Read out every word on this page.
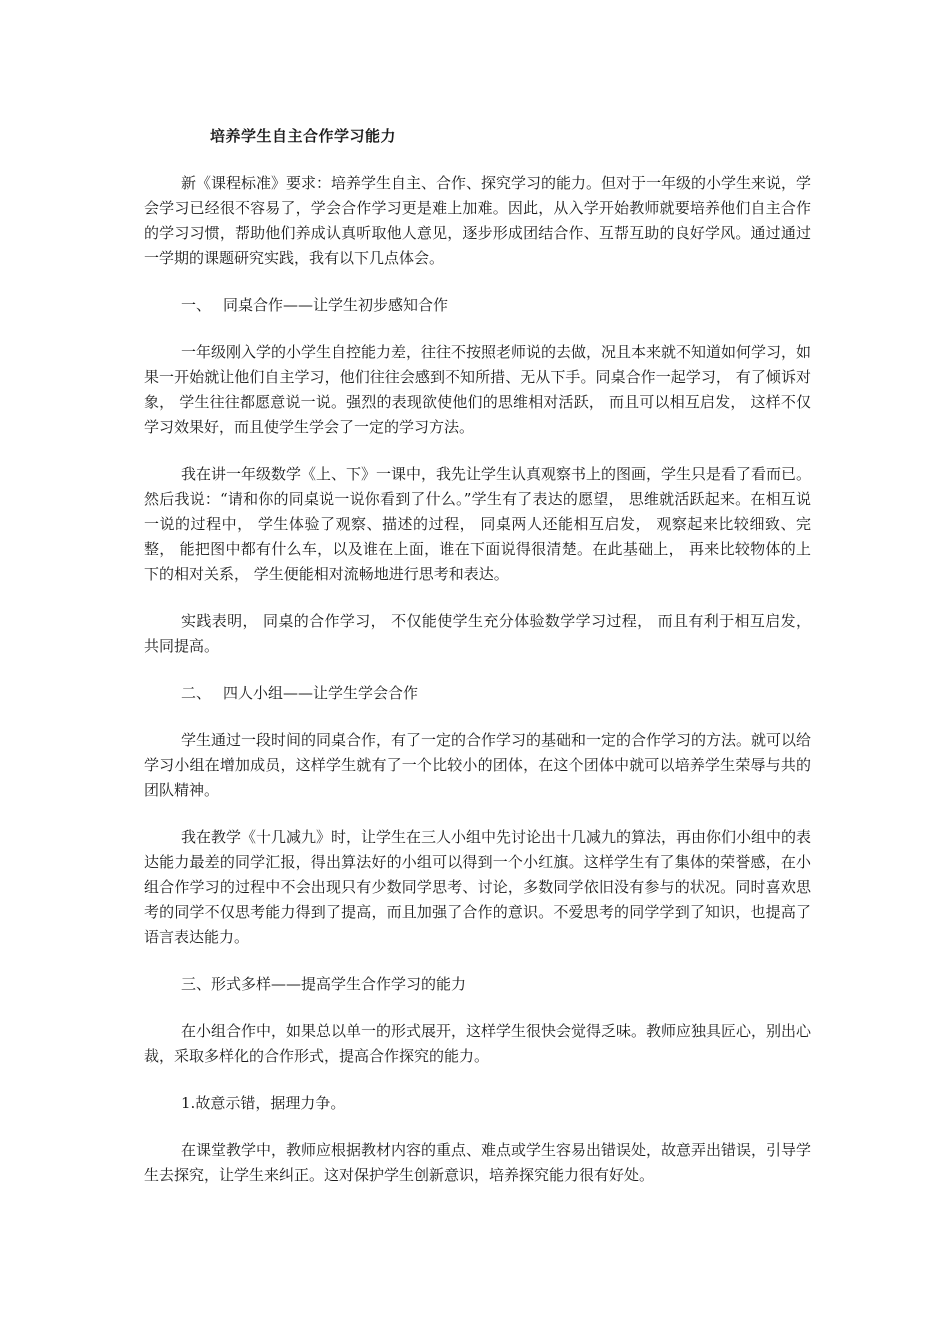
培养学生自主合作学习能力

新《课程标准》要求：培养学生自主、合作、探究学习的能力。但对于一年级的小学生来说，学会学习已经很不容易了，学会合作学习更是难上加难。因此，从入学开始教师就要培养他们自主合作的学习习惯，帮助他们养成认真听取他人意见，逐步形成团结合作、互帮互助的良好学风。通过通过一学期的课题研究实践，我有以下几点体会。

一、 同桌合作——让学生初步感知合作

一年级刚入学的小学生自控能力差，往往不按照老师说的去做，况且本来就不知道如何学习，如果一开始就让他们自主学习，他们往往会感到不知所措、无从下手。同桌合作一起学习， 有了倾诉对象， 学生往往都愿意说一说。强烈的表现欲使他们的思维相对活跃， 而且可以相互启发， 这样不仅学习效果好，而且使学生学会了一定的学习方法。

我在讲一年级数学《上、下》一课中，我先让学生认真观察书上的图画，学生只是看了看而已。然后我说：“请和你的同桌说一说你看到了什么。”学生有了表达的愿望， 思维就活跃起来。在相互说一说的过程中， 学生体验了观察、描述的过程， 同桌两人还能相互启发， 观察起来比较细致、完整， 能把图中都有什么车，以及谁在上面，谁在下面说得很清楚。在此基础上， 再来比较物体的上下的相对关系， 学生便能相对流畅地进行思考和表达。

实践表明， 同桌的合作学习， 不仅能使学生充分体验数学学习过程， 而且有利于相互启发， 共同提高。

二、 四人小组——让学生学会合作

学生通过一段时间的同桌合作，有了一定的合作学习的基础和一定的合作学习的方法。就可以给学习小组在增加成员，这样学生就有了一个比较小的团体，在这个团体中就可以培养学生荣辱与共的团队精神。

我在教学《十几减九》时，让学生在三人小组中先讨论出十几减九的算法，再由你们小组中的表达能力最差的同学汇报，得出算法好的小组可以得到一个小红旗。这样学生有了集体的荣誉感，在小组合作学习的过程中不会出现只有少数同学思考、讨论，多数同学依旧没有参与的状况。同时喜欢思考的同学不仅思考能力得到了提高，而且加强了合作的意识。不爱思考的同学学到了知识，也提高了语言表达能力。

三、形式多样——提高学生合作学习的能力

在小组合作中，如果总以单一的形式展开，这样学生很快会觉得乏味。教师应独具匠心，别出心裁，采取多样化的合作形式，提高合作探究的能力。

1.故意示错，据理力争。

在课堂教学中，教师应根据教材内容的重点、难点或学生容易出错误处，故意弄出错误，引导学生去探究，让学生来纠正。这对保护学生创新意识，培养探究能力很有好处。
